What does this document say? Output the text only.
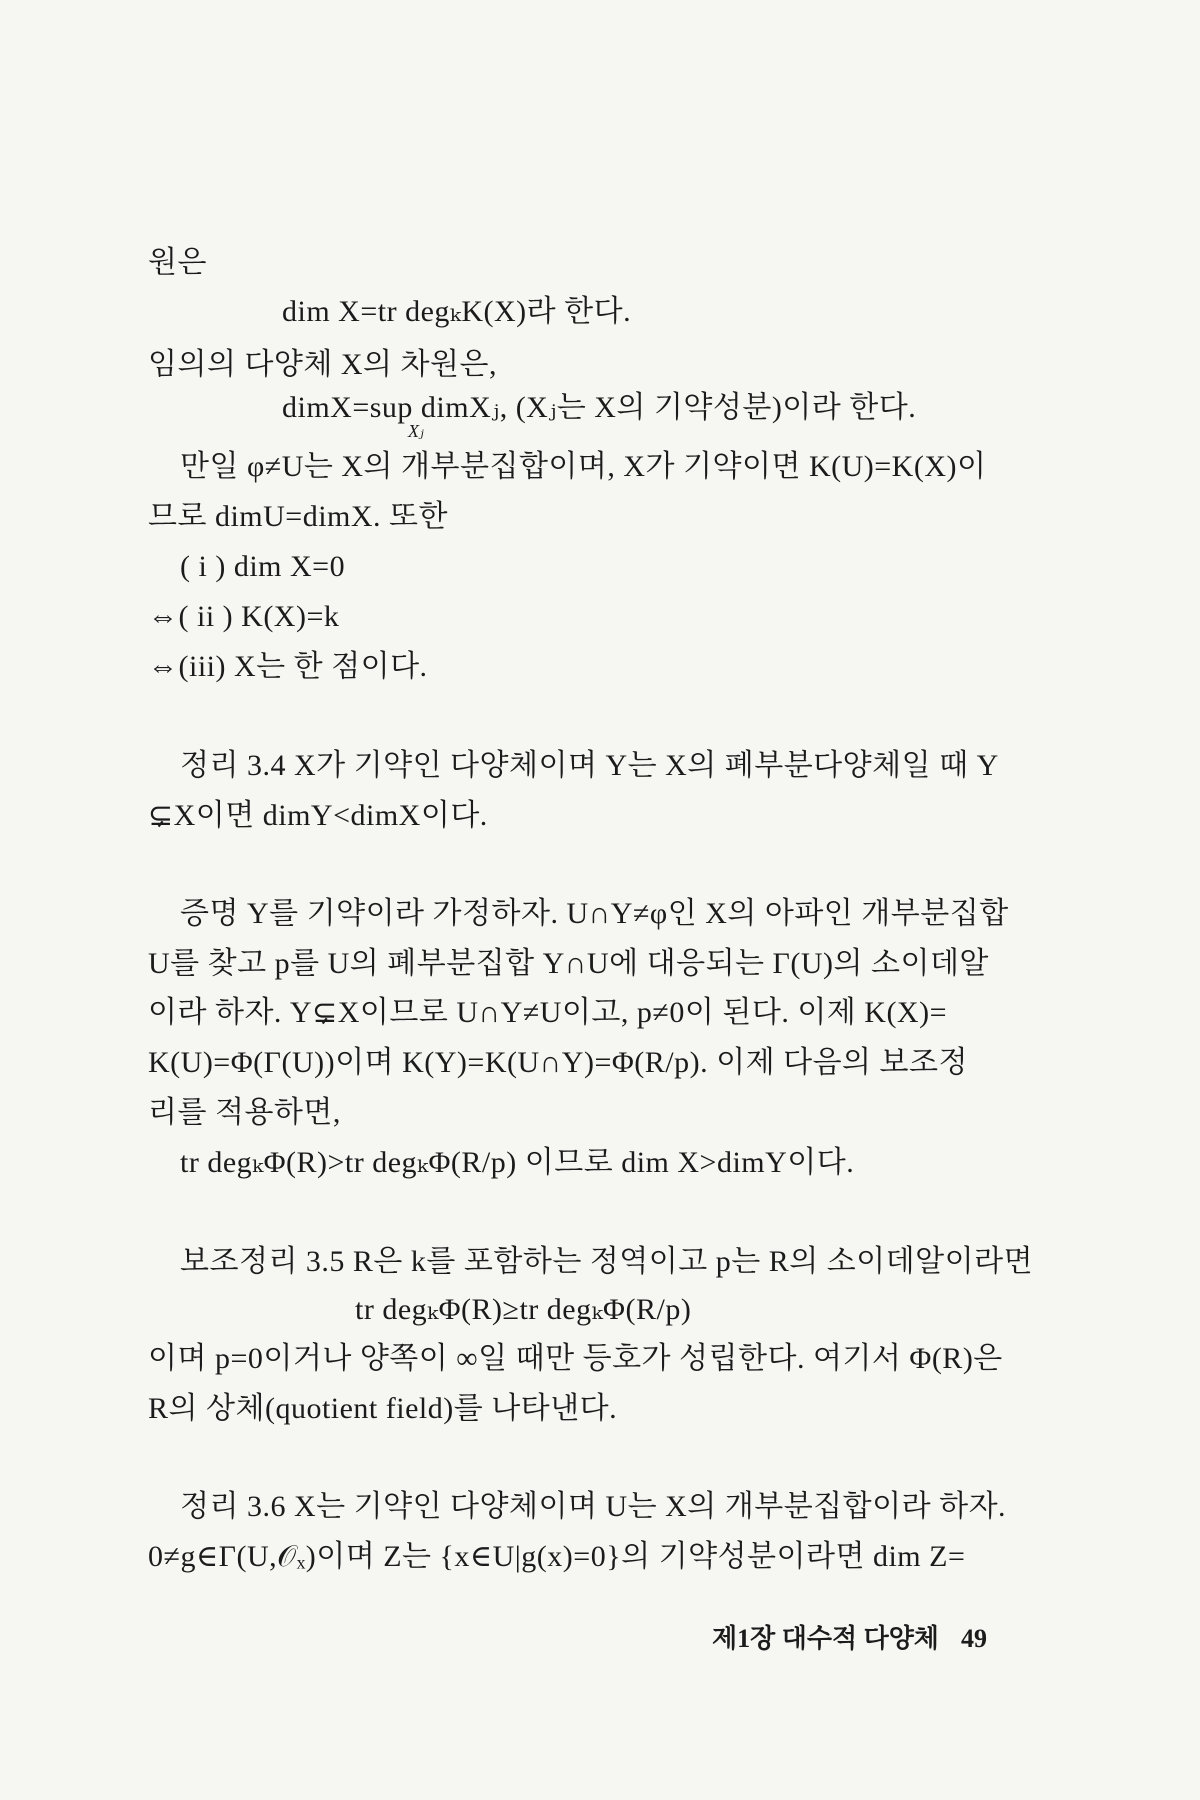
원은
dim X=tr degₖK(X)라 한다.
임의의 다양체 X의 차원은,
dimX=sup dimXⱼ, (Xⱼ는 X의 기약성분)이라 한다.
Xⱼ
만일 φ≠U는 X의 개부분집합이며, X가 기약이면 K(U)=K(X)이
므로 dimU=dimX. 또한
( i ) dim X=0
⇔( ii ) K(X)=k
⇔(iii) X는 한 점이다.
정리 3.4 X가 기약인 다양체이며 Y는 X의 폐부분다양체일 때 Y
⊊X이면 dimY<dimX이다.
증명 Y를 기약이라 가정하자. U∩Y≠φ인 X의 아파인 개부분집합
U를 찾고 p를 U의 폐부분집합 Y∩U에 대응되는 Γ(U)의 소이데알
이라 하자. Y⊊X이므로 U∩Y≠U이고, p≠0이 된다. 이제 K(X)=
K(U)=Φ(Γ(U))이며 K(Y)=K(U∩Y)=Φ(R/p). 이제 다음의 보조정
리를 적용하면,
tr degₖΦ(R)>tr degₖΦ(R/p) 이므로 dim X>dimY이다.
보조정리 3.5 R은 k를 포함하는 정역이고 p는 R의 소이데알이라면
tr degₖΦ(R)≥tr degₖΦ(R/p)
이며 p=0이거나 양쪽이 ∞일 때만 등호가 성립한다. 여기서 Φ(R)은
R의 상체(quotient field)를 나타낸다.
정리 3.6 X는 기약인 다양체이며 U는 X의 개부분집합이라 하자.
0≠g∈Γ(U,𝒪ₓ)이며 Z는 {x∈U|g(x)=0}의 기약성분이라면 dim Z=
제1장 대수적 다양체 49
